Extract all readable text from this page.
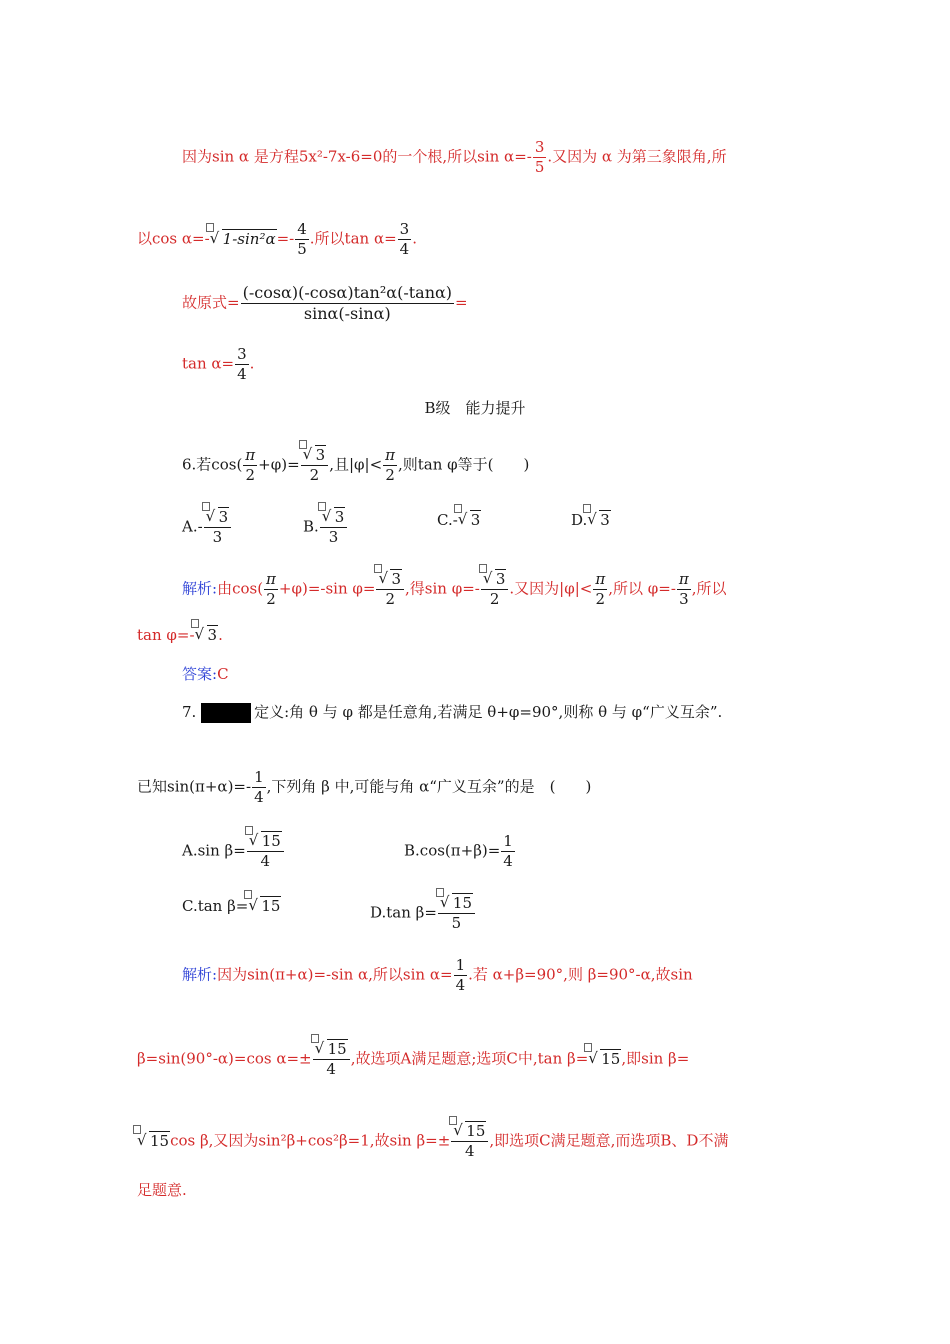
因为sin α 是方程5x²-7x-6=0的一个根,所以$\sin \alpha=- \frac{3}{5}$ .又因为 α 为第三象限角,所
以cos α=- √ $1-\sin^2\alpha=- \frac{4}{5}$ .所以$\tan \alpha= \frac{3}{4}$ .
故原式= $\frac{\text{(-cosα)(-cosα)tan²α(-tanα)}}{\sin\alpha(-\sin\alpha)}$ =
$\tan \alpha= \frac{3}{4}$ .
B级　能力提升
6.若$\cos( \frac{\pi}{2} +\varphi)=$ √ $\frac{3}{2}$ ,且$|\varphi|< \frac{\pi}{2}$ ,则tan φ等于(　　)
A.- √ $\frac{3}{3}$	B. √ $\frac{3}{3}$	C.- √ 3	D. √ 3
解析:由$\cos( \frac{\pi}{2} +\varphi)=-\sin$ φ= √ $\frac{3}{2}$ ,得sin φ=- √ $\frac{3}{2}$ .又因为$|\varphi|< \frac{\pi}{2}$ ,所以 $\varphi=- \frac{\pi}{3}$ ,所以
tan φ=- √ 3.
答案:C
7.	定义:角 θ 与 φ 都是任意角,若满足 θ+φ=90°,则称 θ 与 φ“广义互余”.
已知$\sin(\pi+\alpha)=- \frac{1}{4}$ ,下列角 β 中,可能与角 α“广义互余”的是　(　　)
A.sin β= √ $\frac{15}{4}$	$B.\cos(\pi+\beta)= \frac{1}{4}$
C.tan β= √ 15	D.tan β= √ $\frac{15}{5}$
解析:因为sin(π+α)=-sin α,所以$\sin \alpha= \frac{1}{4}$ .若 α+β=90°,则 β=90°-α,故sin
β=sin(90°-α)=cos α=± √ $\frac{15}{4}$ ,故选项A满足题意;选项C中,tan β= √ 15,即sin β=
√ 15cos β,又因为sin²β+cos²β=1,故sin β=± √ $\frac{15}{4}$ ,即选项C满足题意,而选项B、D不满
足题意.
